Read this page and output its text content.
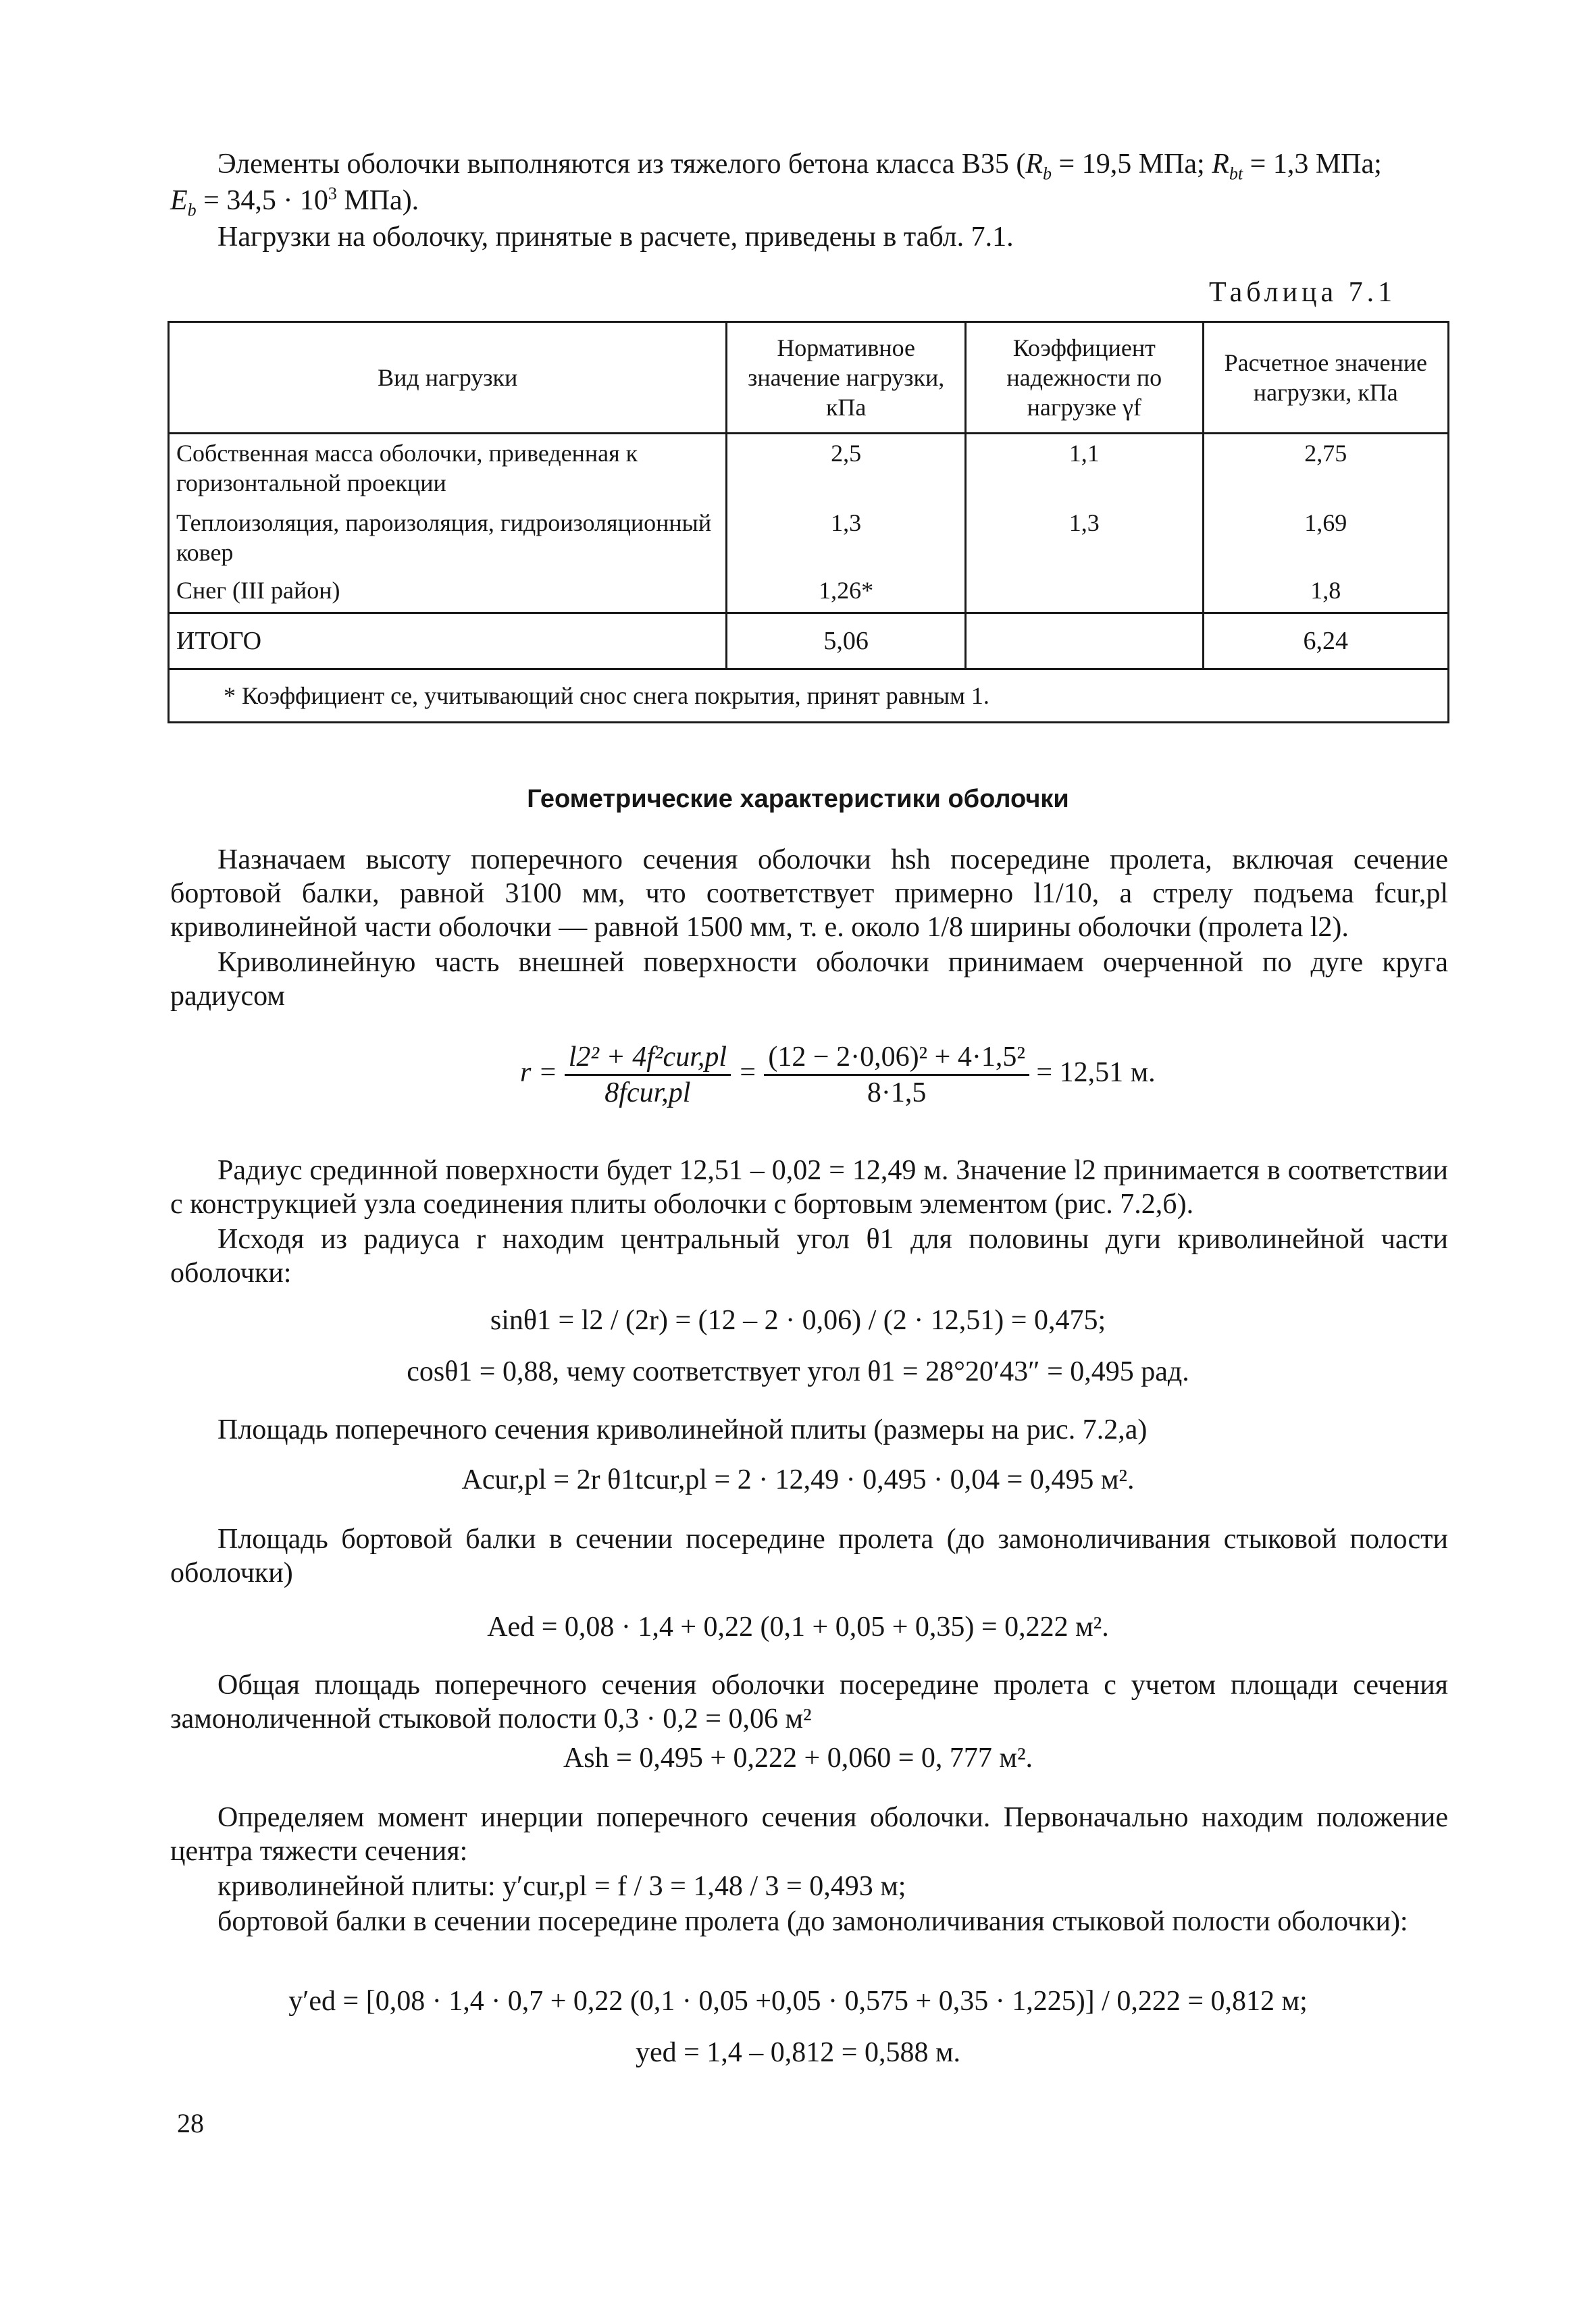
Элементы оболочки выполняются из тяжелого бетона класса В35 ($R_b = 19,5$ МПа; $R_{bt} = 1,3$ МПа;
$E_b = 34,5 \cdot 10^3$ МПа).
Нагрузки на оболочку, принятые в расчете, приведены в табл. 7.1.
Таблица 7.1
Вид нагрузки	Нормативное значение нагрузки, кПа	Коэффициент надежности по нагрузке γf	Расчетное значение нагрузки, кПа
Собственная масса оболочки, приведенная к горизонтальной проекции	2,5	1,1	2,75
Теплоизоляция, пароизоляция, гидроизоляционный ковер	1,3	1,3	1,69
Снег (III район)	1,26*		1,8
ИТОГО	5,06		6,24
* Коэффициент ce, учитывающий снос снега покрытия, принят равным 1.			
Геометрические характеристики оболочки
Назначаем высоту поперечного сечения оболочки hsh посередине пролета, включая сечение бортовой балки, равной 3100 мм, что соответствует примерно l1/10, а стрелу подъема fcur,pl криволинейной части оболочки — равной 1500 мм, т. е. около 1/8 ширины оболочки (пролета l2).
Криволинейную часть внешней поверхности оболочки принимаем очерченной по дуге круга радиусом
$r = \frac{\text{l2² + 4f²cur,pl}}{\text{8fcur,pl}} = \frac{\text{(12 − 2·0,06)² + 4·1,5²}}{8\cdot 1,5} = 12,51$ м.
Радиус срединной поверхности будет 12,51 – 0,02 = 12,49 м. Значение l2 принимается в соответствии с конструкцией узла соединения плиты оболочки с бортовым элементом (рис. 7.2,б).
Исходя из радиуса r находим центральный угол θ1 для половины дуги криволинейной части оболочки:
sinθ1 = l2 / (2r) = (12 – 2 · 0,06) / (2 · 12,51) = 0,475;
cosθ1 = 0,88, чему соответствует угол θ1 = 28°20′43″ = 0,495 рад.
Площадь поперечного сечения криволинейной плиты (размеры на рис. 7.2,а)
Acur,pl = 2r θ1tcur,pl = 2 · 12,49 · 0,495 · 0,04 = 0,495 м².
Площадь бортовой балки в сечении посередине пролета (до замоноличивания стыковой полости оболочки)
Aed = 0,08 · 1,4 + 0,22 (0,1 + 0,05 + 0,35) = 0,222 м².
Общая площадь поперечного сечения оболочки посередине пролета с учетом площади сечения замоноличенной стыковой полости 0,3 · 0,2 = 0,06 м²
Ash = 0,495 + 0,222 + 0,060 = 0, 777 м².
Определяем момент инерции поперечного сечения оболочки. Первоначально находим положение центра тяжести сечения:
криволинейной плиты: y′cur,pl = f / 3 = 1,48 / 3 = 0,493 м;
бортовой балки в сечении посередине пролета (до замоноличивания стыковой полости оболочки):
y′ed = [0,08 · 1,4 · 0,7 + 0,22 (0,1 · 0,05 +0,05 · 0,575 + 0,35 · 1,225)] / 0,222 = 0,812 м;
yed = 1,4 – 0,812 = 0,588 м.
28
